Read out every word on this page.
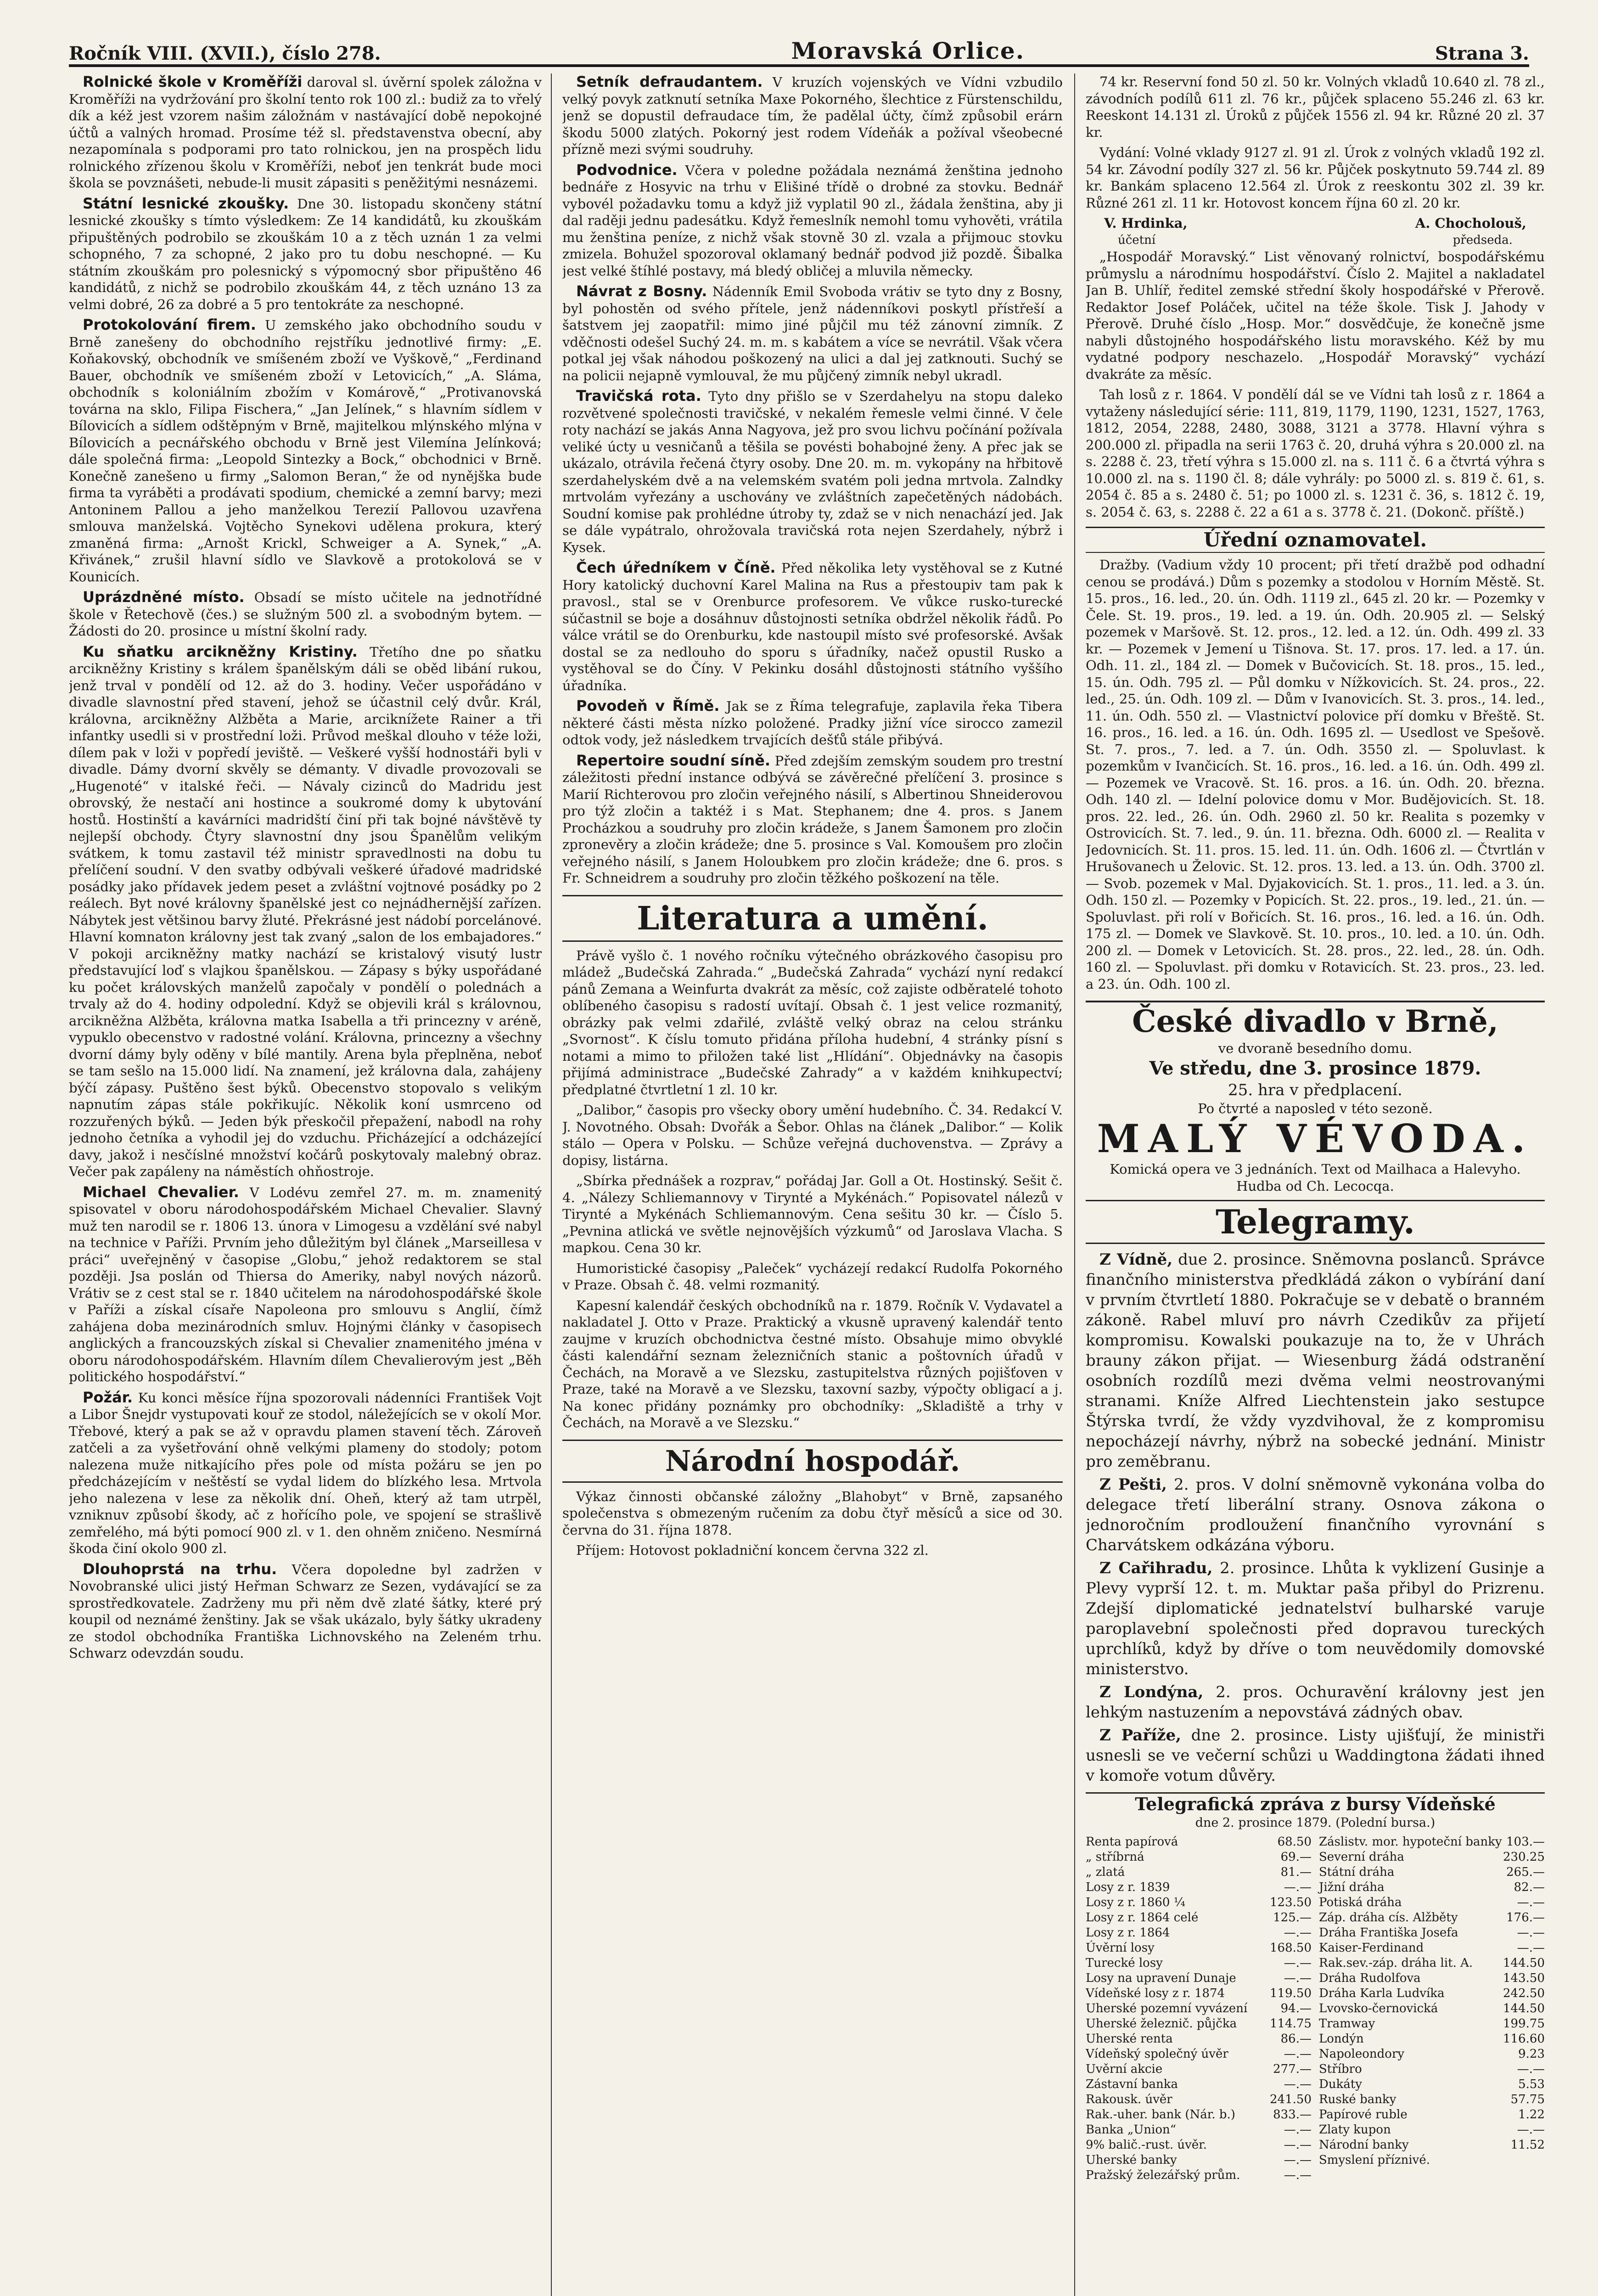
Ročník VIII. (XVII.), číslo 278.	Moravská Orlice.	Strana 3.

Rolnické škole v Kroměříži daroval sl. úvěrní spolek záložna v Kroměříži na vydržování pro školní tento rok 100 zl.: budiž za to vřelý dík a kéž jest vzorem našim záložnám v nastávající době nepokojné účtů a valných hromad. Prosíme též sl. představenstva obecní, aby nezapomínala s podporami pro tato rolnickou, jen na prospěch lidu rolnického zřízenou školu v Kroměříži, neboť jen tenkrát bude moci škola se povznášeti, nebude-li musit zápasiti s peněžitými nesnázemi.

Státní lesnické zkoušky. Dne 30. listopadu skončeny státní lesnické zkoušky s tímto výsledkem: Ze 14 kandidátů, ku zkouškám připuštěných podrobilo se zkouškám 10 a z těch uznán 1 za velmi schopného, 7 za schopné, 2 jako pro tu dobu neschopné. — Ku státním zkouškám pro polesnický s výpomocný sbor připuštěno 46 kandidátů, z nichž se podrobilo zkouškám 44, z těch uznáno 13 za velmi dobré, 26 za dobré a 5 pro tentokráte za neschopné.

Protokolování firem. U zemského jako obchodního soudu v Brně zanešeny do obchodního rejstříku jednotlivé firmy: „E. Koňakovský, obchodník ve smíšeném zboží ve Vyškově,“ „Ferdinand Bauer, obchodník ve smíšeném zboží v Letovicích,“ „A. Sláma, obchodník s koloniálním zbožím v Komárově,“ „Protivanovská továrna na sklo, Filipa Fischera,“ „Jan Jelínek,“ s hlavním sídlem v Bílovicích a sídlem odštěpným v Brně, majitelkou mlýnského mlýna v Bílovicích a pecnářského obchodu v Brně jest Vilemína Jelínková; dále společná firma: „Leopold Sintezky a Bock,“ obchodnici v Brně. Konečně zanešeno u firmy „Salomon Beran,“ že od nynějška bude firma ta vyráběti a prodávati spodium, chemické a zemní barvy; mezi Antoninem Pallou a jeho manželkou Terezií Pallovou uzavřena smlouva manželská. Vojtěcho Synekovi udělena prokura, který zmaněná firma: „Arnošt Krickl, Schweiger a A. Synek,“ „A. Křivánek,“ zrušil hlavní sídlo ve Slavkově a protokolová se v Kounicích.

Uprázdněné místo. Obsadí se místo učitele na jednotřídné škole v Řetechově (čes.) se služným 500 zl. a svobodným bytem. — Žádosti do 20. prosince u místní školní rady.

Ku sňatku arcikněžny Kristiny. Třetího dne po sňatku arcikněžny Kristiny s králem španělským dáli se oběd libání rukou, jenž trval v pondělí od 12. až do 3. hodiny. Večer uspořádáno v divadle slavnostní před stavení, jehož se účastnil celý dvůr. Král, královna, arcikněžny Alžběta a Marie, arciknížete Rainer a tři infantky usedli si v prostřední loži. Průvod meškal dlouho v téže loži, dílem pak v loži v popředí jeviště. — Veškeré vyšší hodnostáři byli v divadle. Dámy dvorní skvěly se démanty. V divadle provozovali se „Hugenoté“ v italské řeči. — Návaly cizinců do Madridu jest obrovský, že nestačí ani hostince a soukromé domy k ubytování hostů. Hostinští a kavárníci madridští činí při tak bojné návštěvě ty nejlepší obchody. Čtyry slavnostní dny jsou Španělům velikým svátkem, k tomu zastavil též ministr spravedlnosti na dobu tu přelíčení soudní. V den svatby odbývali veškeré úřadové madridské posádky jako přídavek jedem peset a zvláštní vojtnové posádky po 2 reálech. Byt nové královny španělské jest co nejnádhernější zařízen. Nábytek jest většinou barvy žluté. Překrásné jest nádobí porcelánové. Hlavní komnaton královny jest tak zvaný „salon de los embajadores.“ V pokoji arcikněžny matky nachází se kristalový visutý lustr představující loď s vlajkou španělskou. — Zápasy s býky uspořádané ku počet královských manželů započaly v pondělí o polednách a trvaly až do 4. hodiny odpolední. Když se objevili král s královnou, arcikněžna Alžběta, královna matka Isabella a tři princezny v aréně, vypuklo obecenstvo v radostné volání. Královna, princezny a všechny dvorní dámy byly oděny v bílé mantily. Arena byla přeplněna, neboť se tam sešlo na 15.000 lidí. Na znamení, jež královna dala, zahájeny býčí zápasy. Puštěno šest býků. Obecenstvo stopovalo s velikým napnutím zápas stále pokřikujíc. Několik koní usmrceno od rozzuřených býků. — Jeden býk přeskočil přepažení, nabodl na rohy jednoho četníka a vyhodil jej do vzduchu. Přicházející a odcházející davy, jakož i nesčíslné množství kočárů poskytovaly malebný obraz. Večer pak zapáleny na náměstích ohňostroje.

Michael Chevalier. V Lodévu zemřel 27. m. m. znamenitý spisovatel v oboru národohospodářském Michael Chevalier. Slavný muž ten narodil se r. 1806 13. února v Limogesu a vzdělání své nabyl na technice v Paříži. Prvním jeho důležitým byl článek „Marseillesa v práci“ uveřejněný v časopise „Globu,“ jehož redaktorem se stal později. Jsa poslán od Thiersa do Ameriky, nabyl nových názorů. Vrátiv se z cest stal se r. 1840 učitelem na národohospodářské škole v Paříži a získal císaře Napoleona pro smlouvu s Anglií, čímž zahájena doba mezinárodních smluv. Hojnými články v časopisech anglických a francouzských získal si Chevalier znamenitého jména v oboru národohospodářském. Hlavním dílem Chevalierovým jest „Běh politického hospodářství.“

Požár. Ku konci měsíce října spozorovali nádenníci František Vojt a Libor Šnejdr vystupovati kouř ze stodol, náležejících se v okolí Mor. Třebové, který a pak se až v opravdu plamen stavení těch. Zároveň zatčeli a za vyšetřování ohně velkými plameny do stodoly; potom nalezena muže nitkajícího přes pole od místa požáru se jen po předcházejícím v neštěstí se vydal lidem do blízkého lesa. Mrtvola jeho nalezena v lese za několik dní. Oheň, který až tam utrpěl, vzniknuv způsobí škody, ač z hořícího pole, ve spojení se strašlivě zemřelého, má býti pomocí 900 zl. v 1. den ohněm zničeno. Nesmírná škoda činí okolo 900 zl.

Dlouhoprstá na trhu. Včera dopoledne byl zadržen v Novobranské ulici jistý Heřman Schwarz ze Sezen, vydávající se za sprostředkovatele. Zadrženy mu při něm dvě zlaté šátky, které prý koupil od neznámé ženštiny. Jak se však ukázalo, byly šátky ukradeny ze stodol obchodníka Františka Lichnovského na Zeleném trhu. Schwarz odevzdán soudu.

Setník defraudantem. V kruzích vojenských ve Vídni vzbudilo velký povyk zatknutí setníka Maxe Pokorného, šlechtice z Fürstenschildu, jenž se dopustil defraudace tím, že padělal účty, čímž způsobil erárn škodu 5000 zlatých. Pokorný jest rodem Vídeňák a požíval všeobecné přízně mezi svými soudruhy.

Podvodnice. Včera v poledne požádala neznámá ženština jednoho bednáře z Hosyvic na trhu v Elišiné třídě o drobné za stovku. Bednář vybovél požadavku tomu a když již vyplatil 90 zl., žádala ženština, aby ji dal raději jednu padesátku. Když řemeslník nemohl tomu vyhověti, vrátila mu ženština peníze, z nichž však stovně 30 zl. vzala a přijmouc stovku zmizela. Bohužel spozoroval oklamaný bednář podvod již pozdě. Šibalka jest velké štíhlé postavy, má bledý obličej a mluvila německy.

Návrat z Bosny. Nádenník Emil Svoboda vrátiv se tyto dny z Bosny, byl pohostěn od svého přítele, jenž nádenníkovi poskytl přístřeší a šatstvem jej zaopatřil: mimo jiné půjčil mu též zánovní zimník. Z vděčnosti odešel Suchý 24. m. m. s kabátem a více se nevrátil. Však včera potkal jej však náhodou poškozený na ulici a dal jej zatknouti. Suchý se na policii nejapně vymlouval, že mu půjčený zimník nebyl ukradl.

Travičská rota. Tyto dny přišlo se v Szerdahelyu na stopu daleko rozvětvené společnosti travičské, v nekalém řemesle velmi činné. V čele roty nachází se jakás Anna Nagyova, jež pro svou lichvu počínání požívala veliké úcty u vesničanů a těšila se povésti bohabojné ženy. A přec jak se ukázalo, otrávila řečená čtyry osoby. Dne 20. m. m. vykopány na hřbitově szerdahelyském dvě a na velemském svatém poli jedna mrtvola. Zalndky mrtvolám vyřezány a uschovány ve zvláštních zapečetěných nádobách. Soudní komise pak prohlédne útroby ty, zdaž se v nich nenachází jed. Jak se dále vypátralo, ohrožovala travičská rota nejen Szerdahely, nýbrž i Kysek.

Čech úředníkem v Číně. Před několika lety vystěhoval se z Kutné Hory katolický duchovní Karel Malina na Rus a přestoupiv tam pak k pravosl., stal se v Orenburce profesorem. Ve vůkce rusko-turecké súčastnil se boje a dosáhnuv důstojnosti setníka obdržel několik řádů. Po válce vrátil se do Orenburku, kde nastoupil místo své profesorské. Avšak dostal se za nedlouho do sporu s úřadníky, načež opustil Rusko a vystěhoval se do Číny. V Pekinku dosáhl důstojnosti státního vyššího úřadníka.

Povodeň v Římě. Jak se z Říma telegrafuje, zaplavila řeka Tibera některé části města nízko položené. Pradky jižní více sirocco zamezil odtok vody, jež následkem trvajících dešťů stále přibývá.

Repertoire soudní síně. Před zdejším zemským soudem pro trestní záležitosti přední instance odbývá se závěrečné přelíčení 3. prosince s Marií Richterovou pro zločin veřejného násilí, s Albertinou Shneiderovou pro týž zločin a taktéž i s Mat. Stephanem; dne 4. pros. s Janem Procházkou a soudruhy pro zločin krádeže, s Janem Šamonem pro zločin zpronevěry a zločin krádeže; dne 5. prosince s Val. Komoušem pro zločin veřejného násilí, s Janem Holoubkem pro zločin krádeže; dne 6. pros. s Fr. Schneidrem a soudruhy pro zločin těžkého poškození na těle.

Literatura a umění.

Právě vyšlo č. 1 nového ročníku výtečného obrázkového časopisu pro mládež „Budečská Zahrada.“ „Budečská Zahrada“ vychází nyní redakcí pánů Zemana a Weinfurta dvakrát za měsíc, což zajiste odběratelé tohoto oblíbeného časopisu s radostí uvítají. Obsah č. 1 jest velice rozmanitý, obrázky pak velmi zdařilé, zvláště velký obraz na celou stránku „Svornost“. K číslu tomuto přidána příloha hudební, 4 stránky písní s notami a mimo to přiložen také list „Hlídání“. Objednávky na časopis přijímá administrace „Budečské Zahrady“ a v každém knihkupectví; předplatné čtvrtletní 1 zl. 10 kr.

„Dalibor,“ časopis pro všecky obory umění hudebního. Č. 34. Redakcí V. J. Novotného. Obsah: Dvořák a Šebor. Ohlas na článek „Dalibor.“ — Kolik stálo — Opera v Polsku. — Schůze veřejná duchovenstva. — Zprávy a dopisy, listárna.

„Sbírka přednášek a rozprav,“ pořádaj Jar. Goll a Ot. Hostinský. Sešit č. 4. „Nálezy Schliemannovy v Tirynté a Mykénách.“ Popisovatel nálezů v Tirynté a Mykénách Schliemannovým. Cena sešitu 30 kr. — Číslo 5. „Pevnina atlická ve světle nejnovějších výzkumů“ od Jaroslava Vlacha. S mapkou. Cena 30 kr.

Humoristické časopisy „Paleček“ vycházejí redakcí Rudolfa Pokorného v Praze. Obsah č. 48. velmi rozmanitý.

Kapesní kalendář českých obchodníků na r. 1879. Ročník V. Vydavatel a nakladatel J. Otto v Praze. Praktický a vkusně upravený kalendář tento zaujme v kruzích obchodnictva čestné místo. Obsahuje mimo obvyklé části kalendářní seznam železničních stanic a poštovních úřadů v Čechách, na Moravě a ve Slezsku, zastupitelstva různých pojišťoven v Praze, také na Moravě a ve Slezsku, taxovní sazby, výpočty obligací a j. Na konec přidány poznámky pro obchodníky: „Skladiště a trhy v Čechách, na Moravě a ve Slezsku.“

Národní hospodář.

Výkaz činnosti občanské záložny „Blahobyt“ v Brně, zapsaného společenstva s obmezeným ručením za dobu čtyř měsíců a sice od 30. června do 31. října 1878.

Příjem: Hotovost pokladniční koncem června 322 zl.

74 kr. Reservní fond 50 zl. 50 kr. Volných vkladů 10.640 zl. 78 zl., závodních podílů 611 zl. 76 kr., půjček splaceno 55.246 zl. 63 kr. Reeskont 14.131 zl. Úroků z půjček 1556 zl. 94 kr. Různé 20 zl. 37 kr.

Vydání: Volné vklady 9127 zl. 91 zl. Úrok z volných vkladů 192 zl. 54 kr. Závodní podíly 327 zl. 56 kr. Půjček poskytnuto 59.744 zl. 89 kr. Bankám splaceno 12.564 zl. Úrok z reeskontu 302 zl. 39 kr. Různé 261 zl. 11 kr. Hotovost koncem října 60 zl. 20 kr.

V. Hrdinka,	A. Chocholouš,
účetní	předseda.

„Hospodář Moravský.“ List věnovaný rolnictví, bospodářskému průmyslu a národnímu hospodářství. Číslo 2. Majitel a nakladatel Jan B. Uhlíř, ředitel zemské střední školy hospodářské v Přerově. Redaktor Josef Poláček, učitel na téže škole. Tisk J. Jahody v Přerově. Druhé číslo „Hosp. Mor.“ dosvědčuje, že konečně jsme nabyli důstojného hospodářského listu moravského. Kéž by mu vydatné podpory neschazelo. „Hospodář Moravský“ vychází dvakráte za měsíc.

Tah losů z r. 1864. V pondělí dál se ve Vídni tah losů z r. 1864 a vytaženy následující série: 111, 819, 1179, 1190, 1231, 1527, 1763, 1812, 2054, 2288, 2480, 3088, 3121 a 3778. Hlavní výhra s 200.000 zl. připadla na serii 1763 č. 20, druhá výhra s 20.000 zl. na s. 2288 č. 23, třetí výhra s 15.000 zl. na s. 111 č. 6 a čtvrtá výhra s 10.000 zl. na s. 1190 čl. 8; dále vyhrály: po 5000 zl. s. 819 č. 61, s. 2054 č. 85 a s. 2480 č. 51; po 1000 zl. s. 1231 č. 36, s. 1812 č. 19, s. 2054 č. 63, s. 2288 č. 22 a 61 a s. 3778 č. 21. (Dokonč. příště.)

Úřední oznamovatel.

Dražby. (Vadium vždy 10 procent; při třetí dražbě pod odhadní cenou se prodává.) Dům s pozemky a stodolou v Horním Městě. St. 15. pros., 16. led., 20. ún. Odh. 1119 zl., 645 zl. 20 kr. — Pozemky v Čele. St. 19. pros., 19. led. a 19. ún. Odh. 20.905 zl. — Selský pozemek v Maršově. St. 12. pros., 12. led. a 12. ún. Odh. 499 zl. 33 kr. — Pozemek v Jemení u Tišnova. St. 17. pros. 17. led. a 17. ún. Odh. 11. zl., 184 zl. — Domek v Bučovicích. St. 18. pros., 15. led., 15. ún. Odh. 795 zl. — Půl domku v Nížkovicích. St. 24. pros., 22. led., 25. ún. Odh. 109 zl. — Dům v Ivanovicích. St. 3. pros., 14. led., 11. ún. Odh. 550 zl. — Vlastnictví polovice pří domku v Břeště. St. 16. pros., 16. led. a 16. ún. Odh. 1695 zl. — Usedlost ve Spešově. St. 7. pros., 7. led. a 7. ún. Odh. 3550 zl. — Spoluvlast. k pozemkům v Ivančicích. St. 16. pros., 16. led. a 16. ún. Odh. 499 zl. — Pozemek ve Vracově. St. 16. pros. a 16. ún. Odh. 20. března. Odh. 140 zl. — Idelní polovice domu v Mor. Budějovicích. St. 18. pros. 22. led., 26. ún. Odh. 2960 zl. 50 kr. Realita s pozemky v Ostrovicích. St. 7. led., 9. ún. 11. března. Odh. 6000 zl. — Realita v Jedovnicích. St. 11. pros. 15. led. 11. ún. Odh. 1606 zl. — Čtvrtlán v Hrušovanech u Želovic. St. 12. pros. 13. led. a 13. ún. Odh. 3700 zl. — Svob. pozemek v Mal. Dyjakovicích. St. 1. pros., 11. led. a 3. ún. Odh. 150 zl. — Pozemky v Popicích. St. 22. pros., 19. led., 21. ún. — Spoluvlast. při rolí v Bořicích. St. 16. pros., 16. led. a 16. ún. Odh. 175 zl. — Domek ve Slavkově. St. 10. pros., 10. led. a 10. ún. Odh. 200 zl. — Domek v Letovicích. St. 28. pros., 22. led., 28. ún. Odh. 160 zl. — Spoluvlast. při domku v Rotavicích. St. 23. pros., 23. led. a 23. ún. Odh. 100 zl.

České divadlo v Brně,
ve dvoraně besedního domu.
Ve středu, dne 3. prosince 1879.
25. hra v předplacení.
Po čtvrté a naposled v této sezoně.
MALÝ VÉVODA.
Komická opera ve 3 jednáních. Text od Mailhaca a Halevyho.
Hudba od Ch. Lecocqa.
Telegramy.

Z Vídně, due 2. prosince. Sněmovna poslanců. Správce finančního ministerstva předkládá zákon o vybírání daní v prvním čtvrtletí 1880. Pokračuje se v debatě o branném zákoně. Rabel mluví pro návrh Czedikův za přijetí kompromisu. Kowalski poukazuje na to, že v Uhrách brauny zákon přijat. — Wiesenburg žádá odstranění osobních rozdílů mezi dvěma velmi neostrovanými stranami. Kníže Alfred Liechtenstein jako sestupce Štýrska tvrdí, že vždy vyzdvihoval, že z kompromisu nepocházejí návrhy, nýbrž na sobecké jednání. Ministr pro zeměbranu.

Z Pešti, 2. pros. V dolní sněmovně vykonána volba do delegace třetí liberální strany. Osnova zákona o jednoročním prodloužení finančního vyrovnání s Charvátskem odkázána výboru.

Z Cařihradu, 2. prosince. Lhůta k vyklizení Gusinje a Plevy vyprší 12. t. m. Muktar paša přibyl do Prizrenu. Zdejší diplomatické jednatelství bulharské varuje paroplavební společnosti před dopravou tureckých uprchlíků, když by dříve o tom neuvědomily domovské ministerstvo.

Z Londýna, 2. pros. Ochuravění královny jest jen lehkým nastuzením a nepovstává zádných obav.

Z Paříže, dne 2. prosince. Listy ujišťují, že ministři usnesli se ve večerní schůzi u Waddingtona žádati ihned v komoře votum důvěry.

Telegrafická zpráva z bursy Vídeňské
dne 2. prosince 1879. (Polední bursa.)
Renta papírová	68.50
„ stříbrná	69.—
„ zlatá	81.—
Losy z r. 1839	—.—
Losy z r. 1860 ¼	123.50
Losy z r. 1864 celé	125.—
Losy z r. 1864	—.—
Úvěrní losy	168.50
Turecké losy	—.—
Losy na upravení Dunaje	—.—
Vídeňské losy z r. 1874	119.50
Uherské pozemní vyvázení	94.—
Uherské železnič. půjčka	114.75
Uherské renta	86.—
Vídeňský společný úvěr	—.—
Uvěrní akcie	277.—
Zástavní banka	—.—
Rakousk. úvěr	241.50
Rak.-uher. bank (Nár. b.)	833.—
Banka „Union“	—.—
9% balič.-rust. úvěr.	—.—
Uherské banky	—.—
Pražský železářský prům.	—.—
Záslistv. mor. hypoteční banky 103.—
Severní dráha	230.25
Státní dráha	265.—
Jižní dráha	82.—
Potiská dráha	—.—
Záp. dráha cís. Alžběty	176.—
Dráha Františka Josefa	—.—
Kaiser-Ferdinand	—.—
Rak.sev.-záp. dráha lit. A.	144.50
Dráha Rudolfova	143.50
Dráha Karla Ludvíka	242.50
Lvovsko-černovická	144.50
Tramway	199.75
Londýn	116.60
Napoleondory	9.23
Stříbro	—.—
Dukáty	5.53
Ruské banky	57.75
Papírové ruble	1.22
Zlaty kupon	—.—
Národní banky	11.52
Smyslení příznivé.
